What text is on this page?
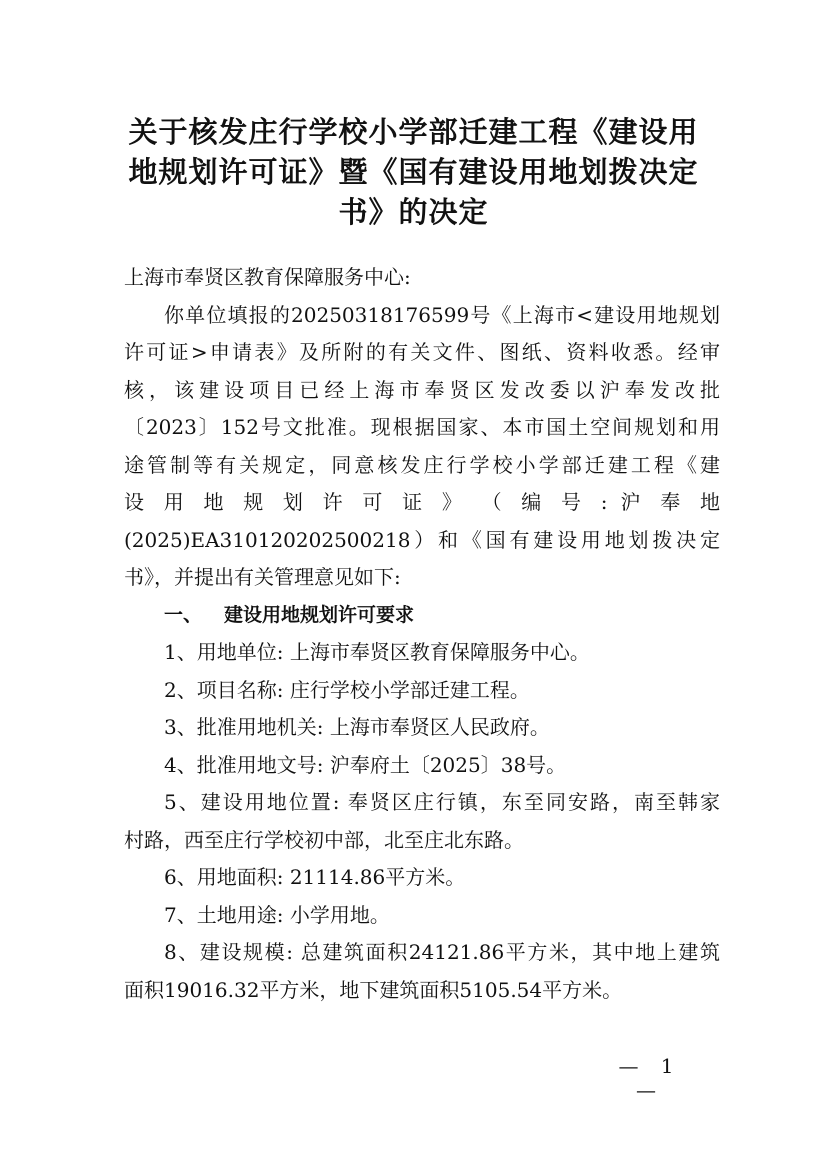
关于核发庄行学校小学部迁建工程《建设用
地规划许可证》暨《国有建设用地划拨决定
书》的决定
上海市奉贤区教育保障服务中心:
你单位填报的20250318176599号《上海市<建设用地规划
许可证>申请表》及所附的有关文件、图纸、资料收悉。经审
核，该建设项目已经上海市奉贤区发改委以沪奉发改批
〔2023〕152号文批准。现根据国家、本市国土空间规划和用
途管制等有关规定，同意核发庄行学校小学部迁建工程《建
设 用 地 规 划 许 可 证 》 （ 编 号 : 沪 奉 地
(2025)EA310120202500218）和《国有建设用地划拨决定
书》，并提出有关管理意见如下:
一、 建设用地规划许可要求
1、用地单位: 上海市奉贤区教育保障服务中心。
2、项目名称: 庄行学校小学部迁建工程。
3、批准用地机关: 上海市奉贤区人民政府。
4、批准用地文号: 沪奉府土〔2025〕38号。
5、建设用地位置: 奉贤区庄行镇，东至同安路，南至韩家
村路，西至庄行学校初中部，北至庄北东路。
6、用地面积: 21114.86平方米。
7、土地用途: 小学用地。
8、建设规模: 总建筑面积24121.86平方米，其中地上建筑
面积19016.32平方米，地下建筑面积5105.54平方米。
— 1 —
